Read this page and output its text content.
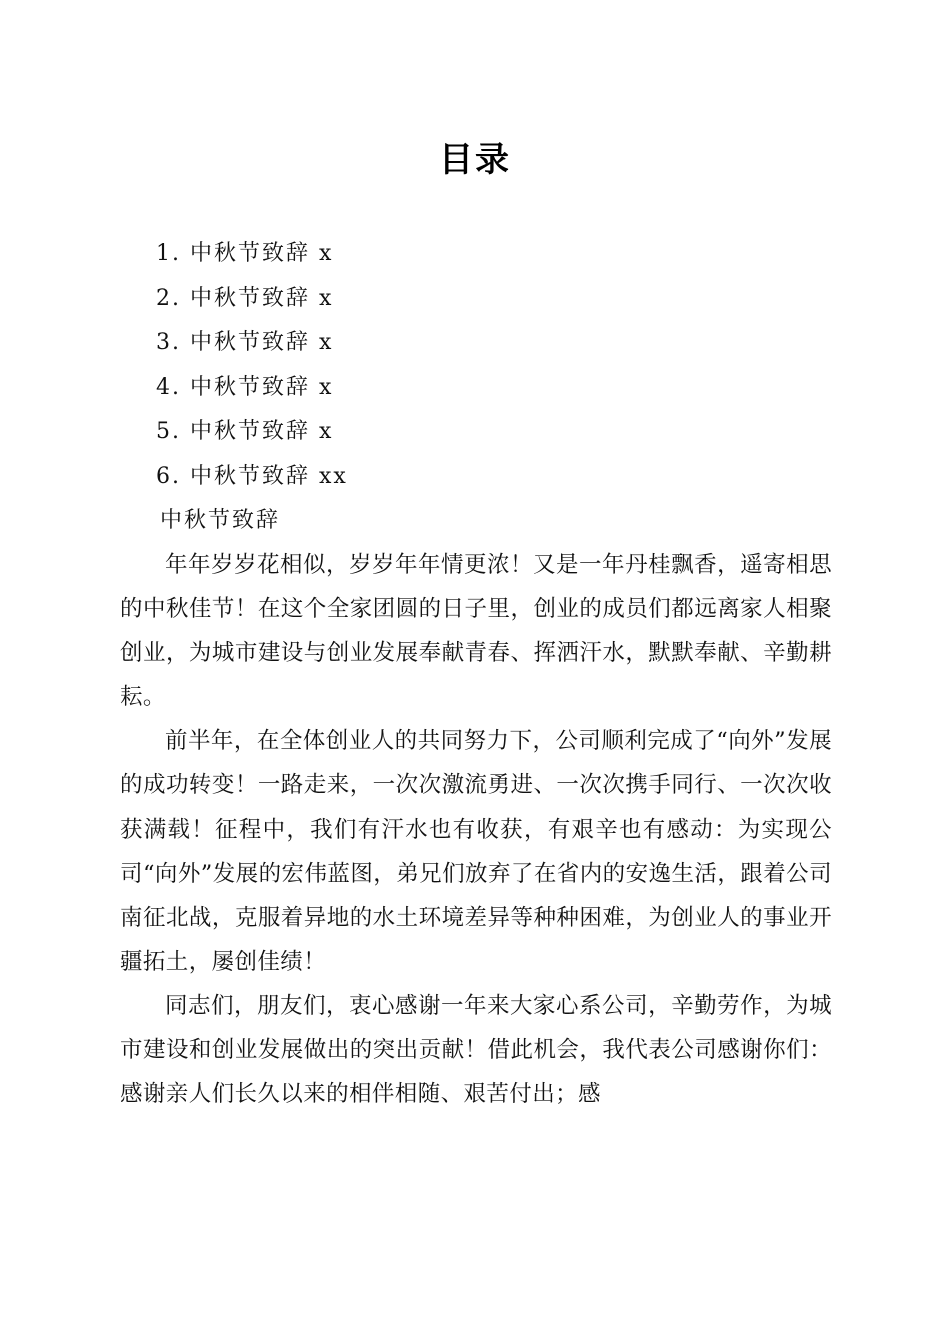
目录
1. 中秋节致辞 x
2. 中秋节致辞 x
3. 中秋节致辞 x
4. 中秋节致辞 x
5. 中秋节致辞 x
6. 中秋节致辞 xx
中秋节致辞

年年岁岁花相似，岁岁年年情更浓！又是一年丹桂飘香，遥寄相思的中秋佳节！在这个全家团圆的日子里，创业的成员们都远离家人相聚创业，为城市建设与创业发展奉献青春、挥洒汗水，默默奉献、辛勤耕耘。

前半年，在全体创业人的共同努力下，公司顺利完成了“向外”发展的成功转变！一路走来，一次次激流勇进、一次次携手同行、一次次收获满载！征程中，我们有汗水也有收获，有艰辛也有感动：为实现公司“向外”发展的宏伟蓝图，弟兄们放弃了在省内的安逸生活，跟着公司南征北战，克服着异地的水土环境差异等种种困难，为创业人的事业开疆拓土，屡创佳绩！

同志们，朋友们，衷心感谢一年来大家心系公司，辛勤劳作，为城市建设和创业发展做出的突出贡献！借此机会，我代表公司感谢你们：感谢亲人们长久以来的相伴相随、艰苦付出；感
